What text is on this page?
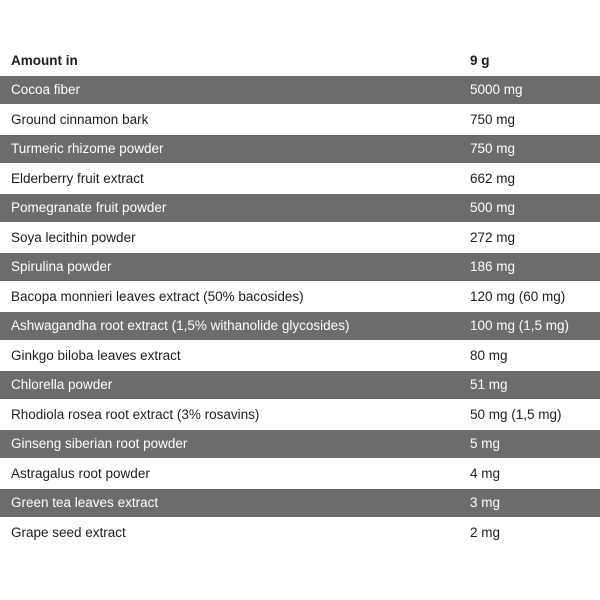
Amount in	9 g
Cocoa fiber	5000 mg
Ground cinnamon bark	750 mg
Turmeric rhizome powder	750 mg
Elderberry fruit extract	662 mg
Pomegranate fruit powder	500 mg
Soya lecithin powder	272 mg
Spirulina powder	186 mg
Bacopa monnieri leaves extract (50% bacosides)	120 mg (60 mg)
Ashwagandha root extract (1,5% withanolide glycosides)	100 mg (1,5 mg)
Ginkgo biloba leaves extract	80 mg
Chlorella powder	51 mg
Rhodiola rosea root extract (3% rosavins)	50 mg (1,5 mg)
Ginseng siberian root powder	5 mg
Astragalus root powder	4 mg
Green tea leaves extract	3 mg
Grape seed extract	2 mg
